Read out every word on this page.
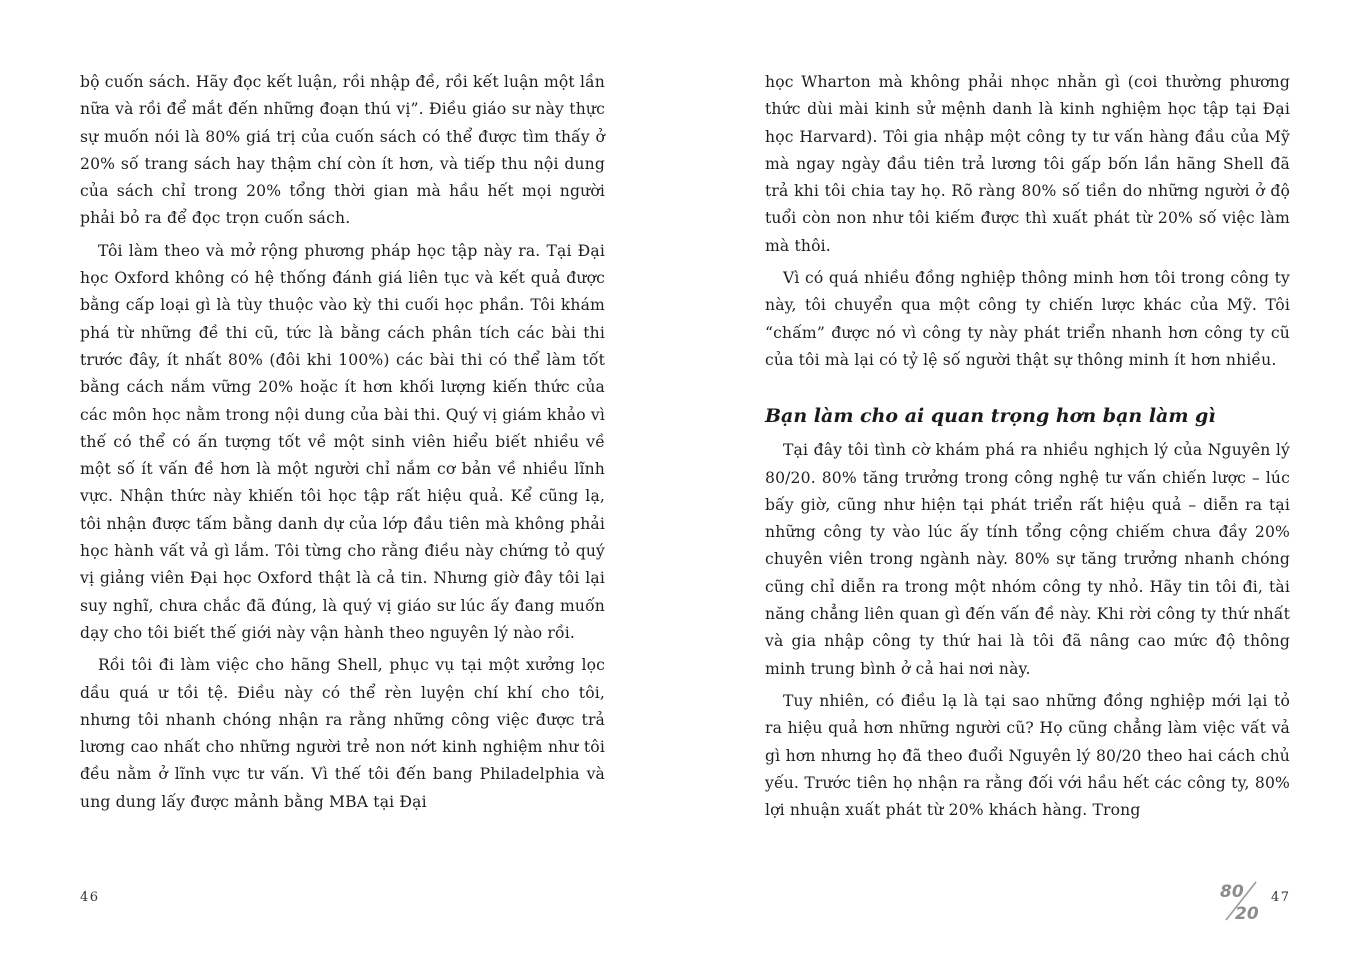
bộ cuốn sách. Hãy đọc kết luận, rồi nhập đề, rồi kết luận một lần nữa và rồi để mắt đến những đoạn thú vị”. Điều giáo sư này thực sự muốn nói là 80% giá trị của cuốn sách có thể được tìm thấy ở 20% số trang sách hay thậm chí còn ít hơn, và tiếp thu nội dung của sách chỉ trong 20% tổng thời gian mà hầu hết mọi người phải bỏ ra để đọc trọn cuốn sách.

Tôi làm theo và mở rộng phương pháp học tập này ra. Tại Đại học Oxford không có hệ thống đánh giá liên tục và kết quả được bằng cấp loại gì là tùy thuộc vào kỳ thi cuối học phần. Tôi khám phá từ những đề thi cũ, tức là bằng cách phân tích các bài thi trước đây, ít nhất 80% (đôi khi 100%) các bài thi có thể làm tốt bằng cách nắm vững 20% hoặc ít hơn khối lượng kiến thức của các môn học nằm trong nội dung của bài thi. Quý vị giám khảo vì thế có thể có ấn tượng tốt về một sinh viên hiểu biết nhiều về một số ít vấn đề hơn là một người chỉ nắm cơ bản về nhiều lĩnh vực. Nhận thức này khiến tôi học tập rất hiệu quả. Kể cũng lạ, tôi nhận được tấm bằng danh dự của lớp đầu tiên mà không phải học hành vất vả gì lắm. Tôi từng cho rằng điều này chứng tỏ quý vị giảng viên Đại học Oxford thật là cả tin. Nhưng giờ đây tôi lại suy nghĩ, chưa chắc đã đúng, là quý vị giáo sư lúc ấy đang muốn dạy cho tôi biết thế giới này vận hành theo nguyên lý nào rồi.

Rồi tôi đi làm việc cho hãng Shell, phục vụ tại một xưởng lọc dầu quá ư tồi tệ. Điều này có thể rèn luyện chí khí cho tôi, nhưng tôi nhanh chóng nhận ra rằng những công việc được trả lương cao nhất cho những người trẻ non nớt kinh nghiệm như tôi đều nằm ở lĩnh vực tư vấn. Vì thế tôi đến bang Philadelphia và ung dung lấy được mảnh bằng MBA tại Đại

46

học Wharton mà không phải nhọc nhằn gì (coi thường phương thức dùi mài kinh sử mệnh danh là kinh nghiệm học tập tại Đại học Harvard). Tôi gia nhập một công ty tư vấn hàng đầu của Mỹ mà ngay ngày đầu tiên trả lương tôi gấp bốn lần hãng Shell đã trả khi tôi chia tay họ. Rõ ràng 80% số tiền do những người ở độ tuổi còn non như tôi kiếm được thì xuất phát từ 20% số việc làm mà thôi.

Vì có quá nhiều đồng nghiệp thông minh hơn tôi trong công ty này, tôi chuyển qua một công ty chiến lược khác của Mỹ. Tôi “chấm” được nó vì công ty này phát triển nhanh hơn công ty cũ của tôi mà lại có tỷ lệ số người thật sự thông minh ít hơn nhiều.

Bạn làm cho ai quan trọng hơn bạn làm gì

Tại đây tôi tình cờ khám phá ra nhiều nghịch lý của Nguyên lý 80/20. 80% tăng trưởng trong công nghệ tư vấn chiến lược – lúc bấy giờ, cũng như hiện tại phát triển rất hiệu quả – diễn ra tại những công ty vào lúc ấy tính tổng cộng chiếm chưa đầy 20% chuyên viên trong ngành này. 80% sự tăng trưởng nhanh chóng cũng chỉ diễn ra trong một nhóm công ty nhỏ. Hãy tin tôi đi, tài năng chẳng liên quan gì đến vấn đề này. Khi rời công ty thứ nhất và gia nhập công ty thứ hai là tôi đã nâng cao mức độ thông minh trung bình ở cả hai nơi này.

Tuy nhiên, có điều lạ là tại sao những đồng nghiệp mới lại tỏ ra hiệu quả hơn những người cũ? Họ cũng chẳng làm việc vất vả gì hơn nhưng họ đã theo đuổi Nguyên lý 80/20 theo hai cách chủ yếu. Trước tiên họ nhận ra rằng đối với hầu hết các công ty, 80% lợi nhuận xuất phát từ 20% khách hàng. Trong

80
20
47
